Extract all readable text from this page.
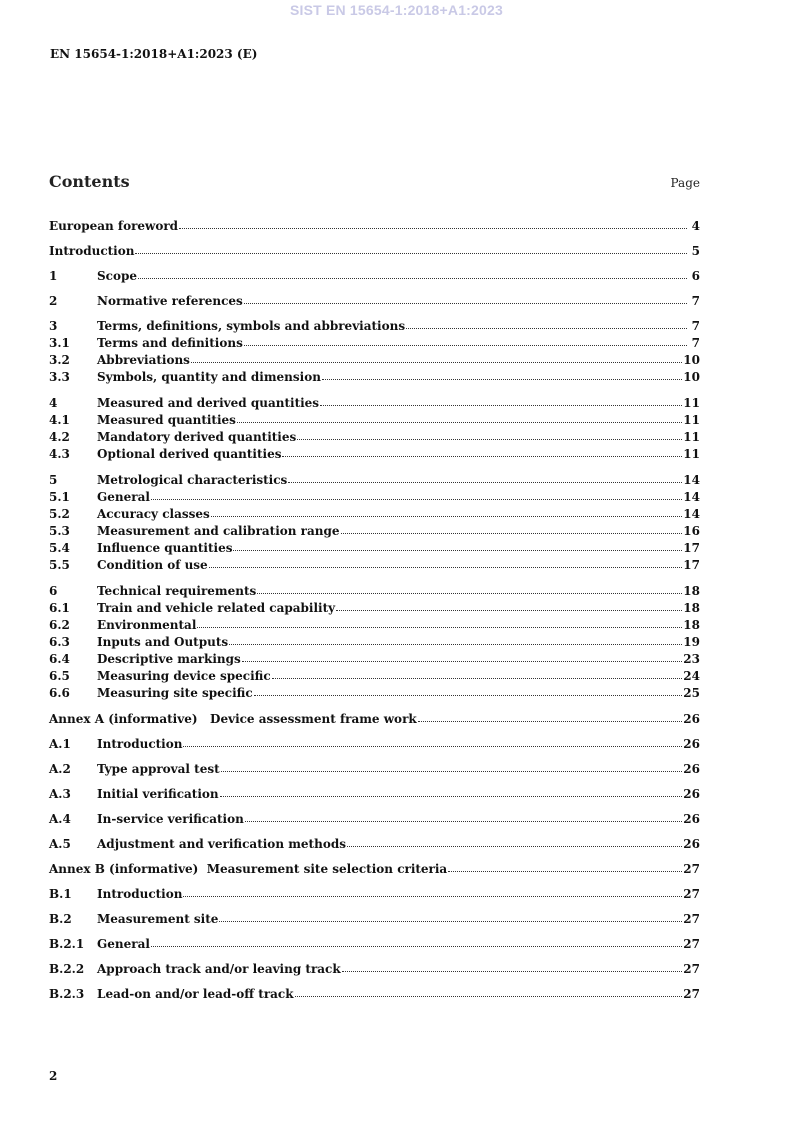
SIST EN 15654-1:2018+A1:2023
EN 15654-1:2018+A1:2023 (E)
Contents	Page
European foreword	4
Introduction	5
1	Scope	6
2	Normative references	7
3	Terms, definitions, symbols and abbreviations	7
3.1	Terms and definitions	7
3.2	Abbreviations	10
3.3	Symbols, quantity and dimension	10
4	Measured and derived quantities	11
4.1	Measured quantities	11
4.2	Mandatory derived quantities	11
4.3	Optional derived quantities	11
5	Metrological characteristics	14
5.1	General	14
5.2	Accuracy classes	14
5.3	Measurement and calibration range	16
5.4	Influence quantities	17
5.5	Condition of use	17
6	Technical requirements	18
6.1	Train and vehicle related capability	18
6.2	Environmental	18
6.3	Inputs and Outputs	19
6.4	Descriptive markings	23
6.5	Measuring device specific	24
6.6	Measuring site specific	25
Annex A (informative)   Device assessment frame work	26
A.1	Introduction	26
A.2	Type approval test	26
A.3	Initial verification	26
A.4	In-service verification	26
A.5	Adjustment and verification methods	26
Annex B (informative)  Measurement site selection criteria	27
B.1	Introduction	27
B.2	Measurement site	27
B.2.1	General	27
B.2.2	Approach track and/or leaving track	27
B.2.3	Lead-on and/or lead-off track	27
2
